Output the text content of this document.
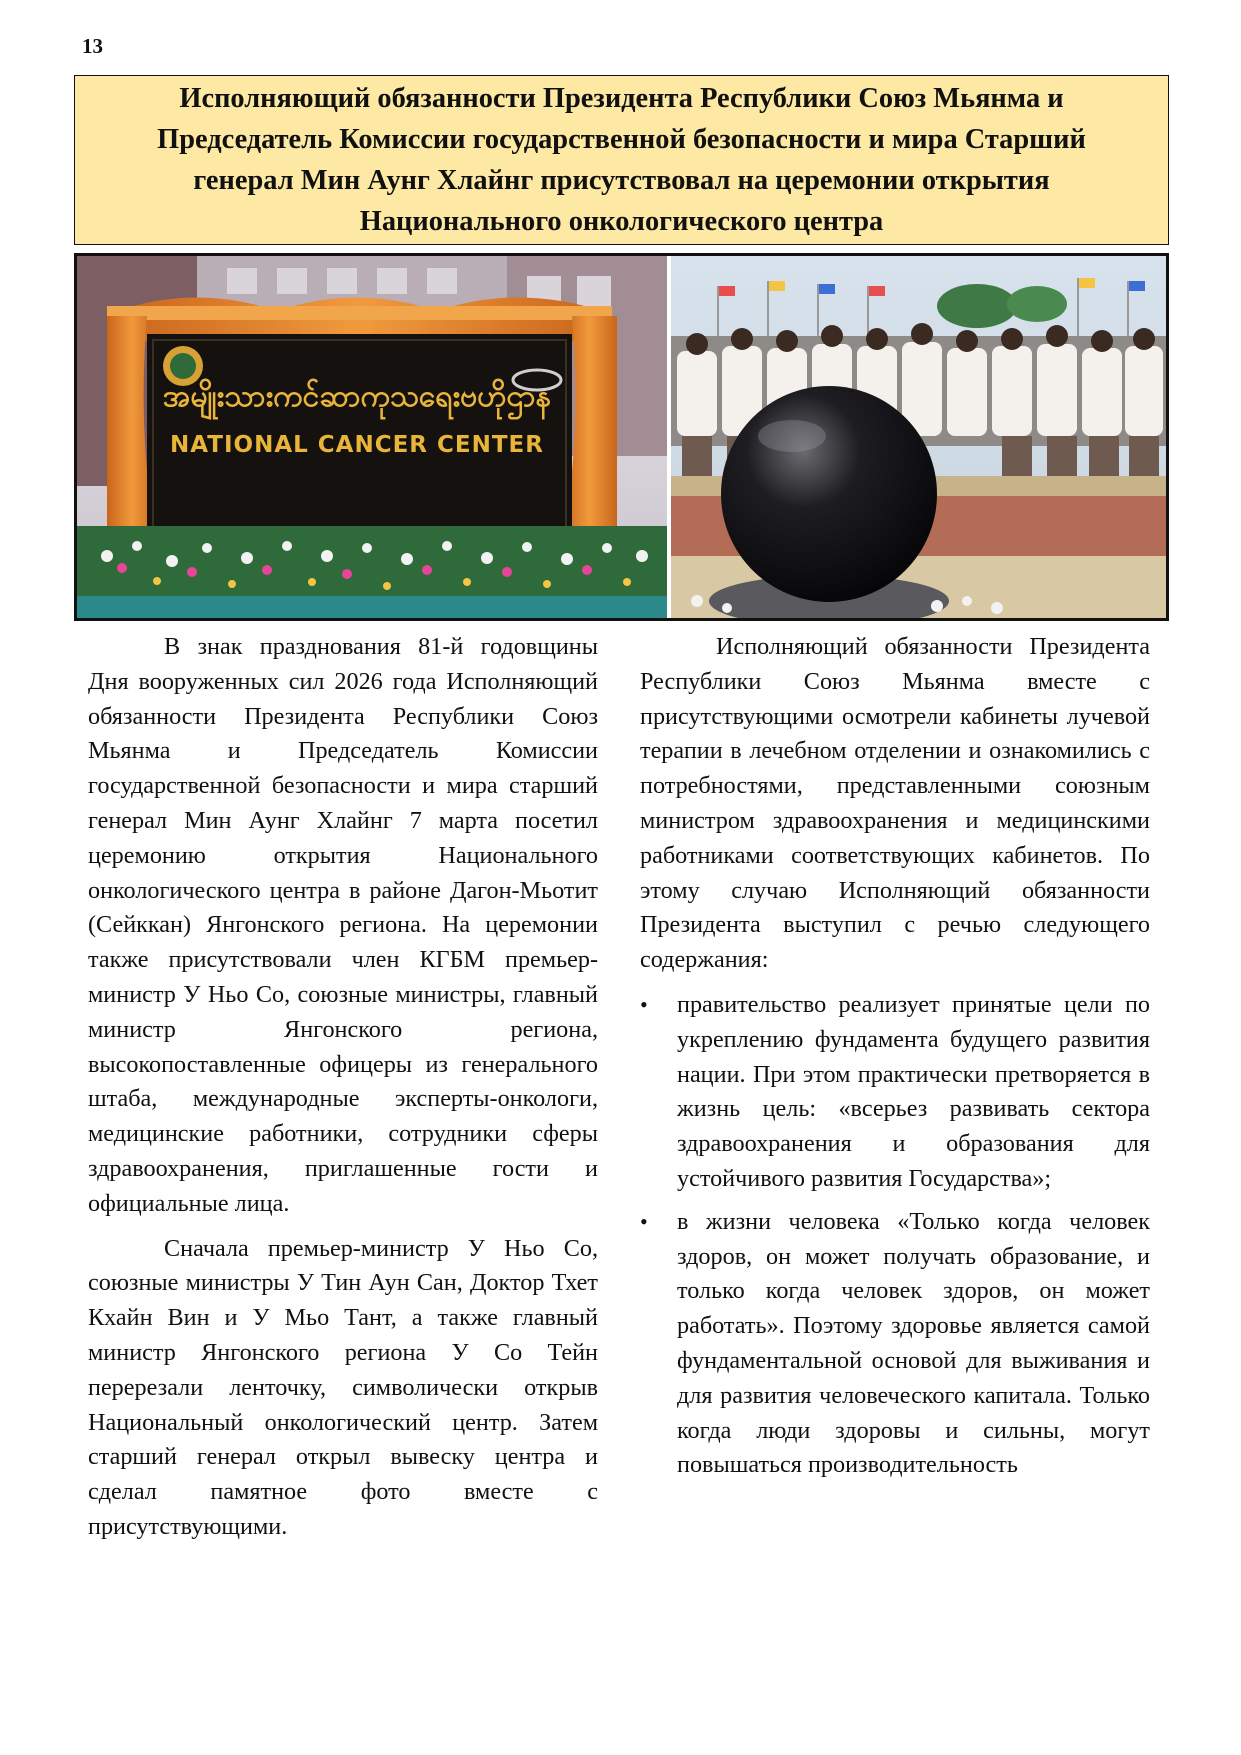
13
Исполняющий обязанности Президента Республики Союз Мьянма и Председатель Комиссии государственной безопасности и мира Старший генерал Мин Аунг Хлайнг присутствовал на церемонии открытия Национального онкологического центра
အမျိုးသားကင်ဆာကုသရေးဗဟိုဌာန
NATIONAL CANCER CENTER

В знак празднования 81-й годовщины Дня вооруженных сил 2026 года Исполняющий обязанности Президента Республики Союз Мьянма и Председатель Комиссии государственной безопасности и мира старший генерал Мин Аунг Хлайнг 7 марта посетил церемонию открытия Национального онкологического центра в районе Дагон-Мьотит (Сейккан) Янгонского региона. На церемонии также присутствовали член КГБМ премьер-министр У Ньо Со, союзные министры, главный министр Янгонского региона, высокопоставленные офицеры из генерального штаба, международные эксперты-онкологи, медицинские работники, сотрудники сферы здравоохранения, приглашенные гости и официальные лица.

Сначала премьер-министр У Ньо Со, союзные министры У Тин Аун Сан, Доктор Тхет Кхайн Вин и У Мьо Тант, а также главный министр Янгонского региона У Со Тейн перерезали ленточку, символически открыв Национальный онкологический центр. Затем старший генерал открыл вывеску центра и сделал памятное фото вместе с присутствующими.

Исполняющий обязанности Президента Республики Союз Мьянма вместе с присутствующими осмотрели кабинеты лучевой терапии в лечебном отделении и ознакомились с потребностями, представленными союзным министром здравоохранения и медицинскими работниками соответствующих кабинетов. По этому случаю Исполняющий обязанности Президента выступил с речью следующего содержания:

• правительство реализует принятые цели по укреплению фундамента будущего развития нации. При этом практически претворяется в жизнь цель: «всерьез развивать сектора здравоохранения и образования для устойчивого развития Государства»;
• в жизни человека «Только когда человек здоров, он может получать образование, и только когда человек здоров, он может работать». Поэтому здоровье является самой фундаментальной основой для выживания и для развития человеческого капитала. Только когда люди здоровы и сильны, могут повышаться производительность
